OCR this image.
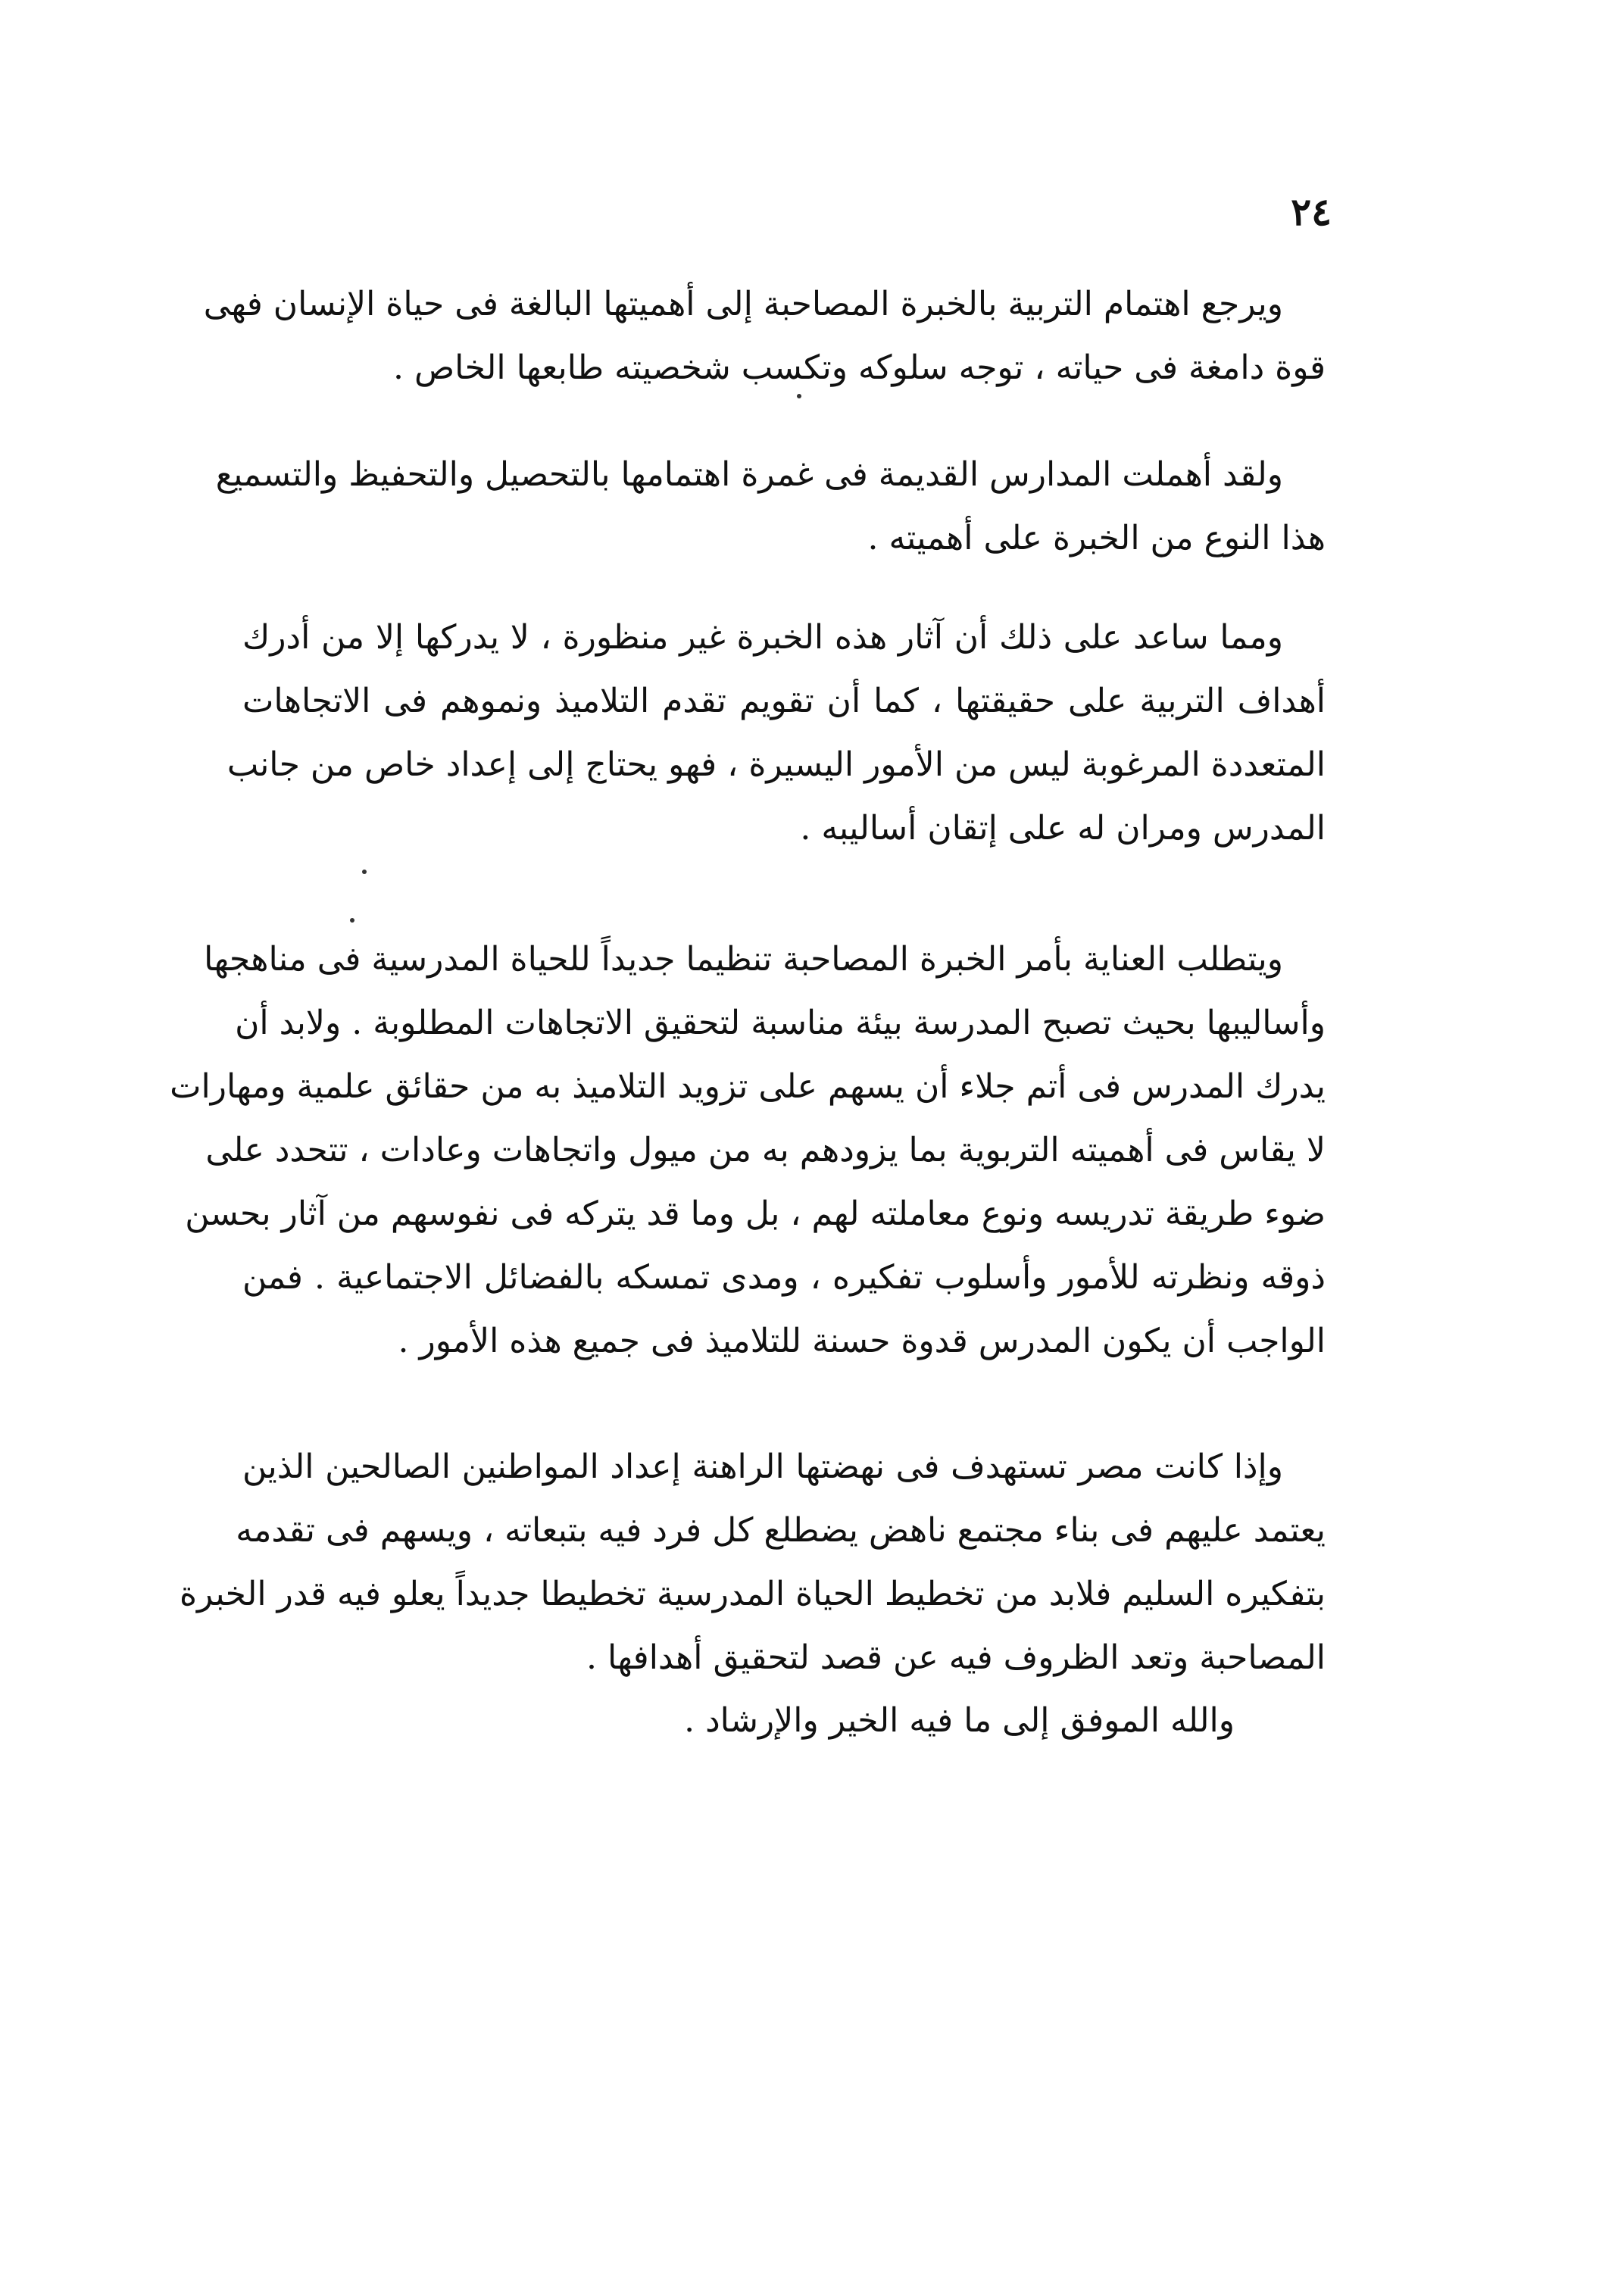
٢٤
ويرجع اهتمام التربية بالخبرة المصاحبة إلى أهميتها البالغة فى حياة الإنسان فهى
قوة دامغة فى حياته ، توجه سلوكه وتكسب شخصيته طابعها الخاص .
ولقد أهملت المدارس القديمة فى غمرة اهتمامها بالتحصيل والتحفيظ والتسميع
هذا النوع من الخبرة على أهميته .
ومما ساعد على ذلك أن آثار هذه الخبرة غير منظورة ، لا يدركها إلا من أدرك
أهداف التربية على حقيقتها ، كما أن تقويم تقدم التلاميذ ونموهم فى الاتجاهات
المتعددة المرغوبة ليس من الأمور اليسيرة ، فهو يحتاج إلى إعداد خاص من جانب
المدرس ومران له على إتقان أساليبه .
ويتطلب العناية بأمر الخبرة المصاحبة تنظيما جديداً للحياة المدرسية فى مناهجها
وأساليبها بحيث تصبح المدرسة بيئة مناسبة لتحقيق الاتجاهات المطلوبة . ولابد أن
يدرك المدرس فى أتم جلاء أن يسهم على تزويد التلاميذ به من حقائق علمية ومهارات
لا يقاس فى أهميته التربوية بما يزودهم به من ميول واتجاهات وعادات ، تتحدد على
ضوء طريقة تدريسه ونوع معاملته لهم ، بل وما قد يتركه فى نفوسهم من آثار بحسن
ذوقه ونظرته للأمور وأسلوب تفكيره ، ومدى تمسكه بالفضائل الاجتماعية . فمن
الواجب أن يكون المدرس قدوة حسنة للتلاميذ فى جميع هذه الأمور .
وإذا كانت مصر تستهدف فى نهضتها الراهنة إعداد المواطنين الصالحين الذين
يعتمد عليهم فى بناء مجتمع ناهض يضطلع كل فرد فيه بتبعاته ، ويسهم فى تقدمه
بتفكيره السليم فلابد من تخطيط الحياة المدرسية تخطيطا جديداً يعلو فيه قدر الخبرة
المصاحبة وتعد الظروف فيه عن قصد لتحقيق أهدافها .
والله الموفق إلى ما فيه الخير والإرشاد .
